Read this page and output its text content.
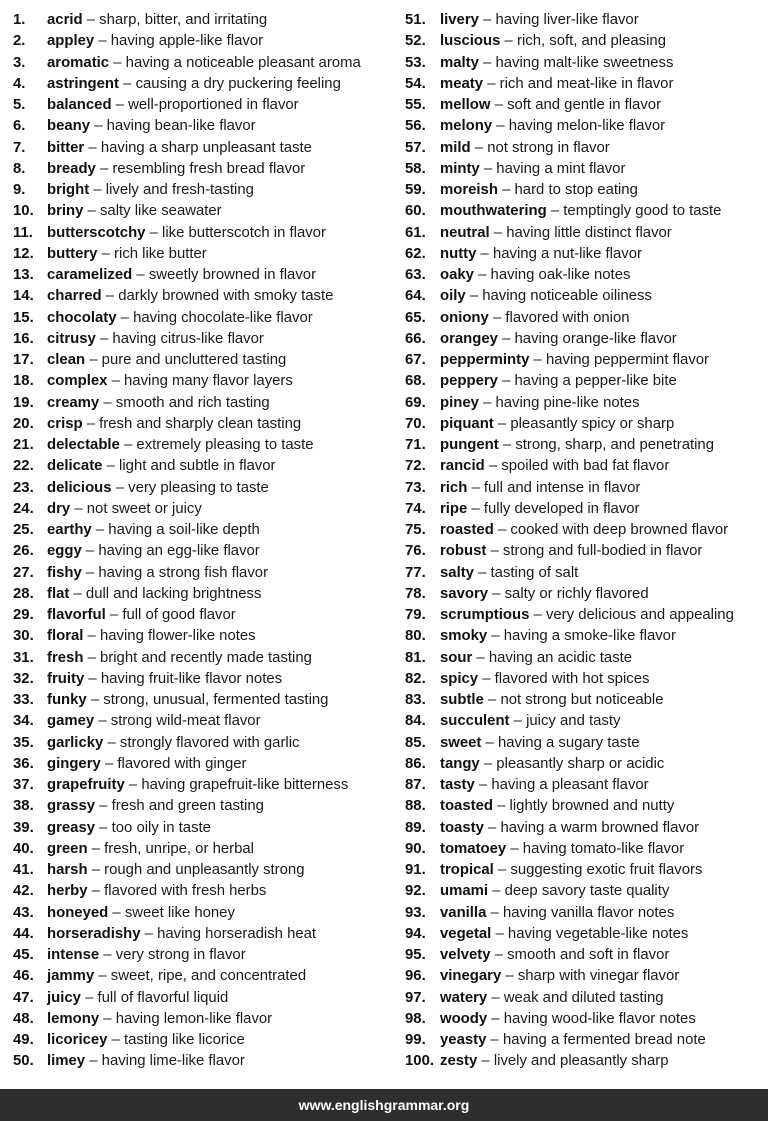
1. acrid – sharp, bitter, and irritating
2. appley – having apple-like flavor
3. aromatic – having a noticeable pleasant aroma
4. astringent – causing a dry puckering feeling
5. balanced – well-proportioned in flavor
6. beany – having bean-like flavor
7. bitter – having a sharp unpleasant taste
8. bready – resembling fresh bread flavor
9. bright – lively and fresh-tasting
10. briny – salty like seawater
11. butterscotchy – like butterscotch in flavor
12. buttery – rich like butter
13. caramelized – sweetly browned in flavor
14. charred – darkly browned with smoky taste
15. chocolaty – having chocolate-like flavor
16. citrusy – having citrus-like flavor
17. clean – pure and uncluttered tasting
18. complex – having many flavor layers
19. creamy – smooth and rich tasting
20. crisp – fresh and sharply clean tasting
21. delectable – extremely pleasing to taste
22. delicate – light and subtle in flavor
23. delicious – very pleasing to taste
24. dry – not sweet or juicy
25. earthy – having a soil-like depth
26. eggy – having an egg-like flavor
27. fishy – having a strong fish flavor
28. flat – dull and lacking brightness
29. flavorful – full of good flavor
30. floral – having flower-like notes
31. fresh – bright and recently made tasting
32. fruity – having fruit-like flavor notes
33. funky – strong, unusual, fermented tasting
34. gamey – strong wild-meat flavor
35. garlicky – strongly flavored with garlic
36. gingery – flavored with ginger
37. grapefruity – having grapefruit-like bitterness
38. grassy – fresh and green tasting
39. greasy – too oily in taste
40. green – fresh, unripe, or herbal
41. harsh – rough and unpleasantly strong
42. herby – flavored with fresh herbs
43. honeyed – sweet like honey
44. horseradishy – having horseradish heat
45. intense – very strong in flavor
46. jammy – sweet, ripe, and concentrated
47. juicy – full of flavorful liquid
48. lemony – having lemon-like flavor
49. licoricey – tasting like licorice
50. limey – having lime-like flavor
51. livery – having liver-like flavor
52. luscious – rich, soft, and pleasing
53. malty – having malt-like sweetness
54. meaty – rich and meat-like in flavor
55. mellow – soft and gentle in flavor
56. melony – having melon-like flavor
57. mild – not strong in flavor
58. minty – having a mint flavor
59. moreish – hard to stop eating
60. mouthwatering – temptingly good to taste
61. neutral – having little distinct flavor
62. nutty – having a nut-like flavor
63. oaky – having oak-like notes
64. oily – having noticeable oiliness
65. oniony – flavored with onion
66. orangey – having orange-like flavor
67. pepperminty – having peppermint flavor
68. peppery – having a pepper-like bite
69. piney – having pine-like notes
70. piquant – pleasantly spicy or sharp
71. pungent – strong, sharp, and penetrating
72. rancid – spoiled with bad fat flavor
73. rich – full and intense in flavor
74. ripe – fully developed in flavor
75. roasted – cooked with deep browned flavor
76. robust – strong and full-bodied in flavor
77. salty – tasting of salt
78. savory – salty or richly flavored
79. scrumptious – very delicious and appealing
80. smoky – having a smoke-like flavor
81. sour – having an acidic taste
82. spicy – flavored with hot spices
83. subtle – not strong but noticeable
84. succulent – juicy and tasty
85. sweet – having a sugary taste
86. tangy – pleasantly sharp or acidic
87. tasty – having a pleasant flavor
88. toasted – lightly browned and nutty
89. toasty – having a warm browned flavor
90. tomatoey – having tomato-like flavor
91. tropical – suggesting exotic fruit flavors
92. umami – deep savory taste quality
93. vanilla – having vanilla flavor notes
94. vegetal – having vegetable-like notes
95. velvety – smooth and soft in flavor
96. vinegary – sharp with vinegar flavor
97. watery – weak and diluted tasting
98. woody – having wood-like flavor notes
99. yeasty – having a fermented bread note
100. zesty – lively and pleasantly sharp
www.englishgrammar.org
